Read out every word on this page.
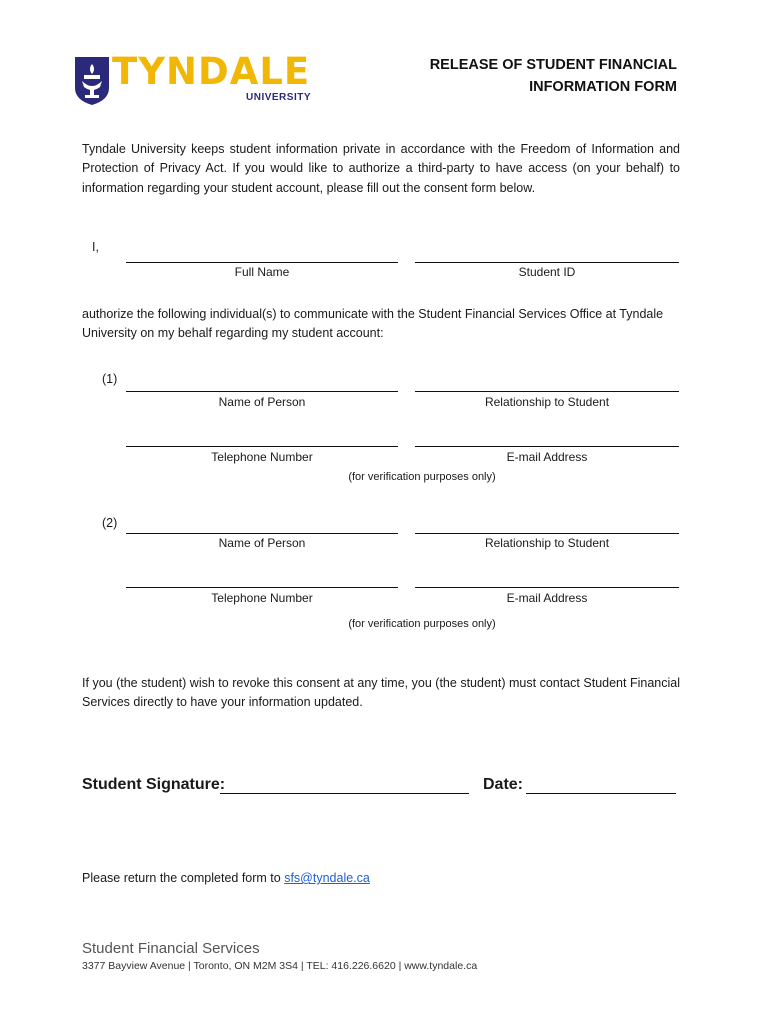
TYNDALE
UNIVERSITY
RELEASE OF STUDENT FINANCIAL
INFORMATION FORM
Tyndale University keeps student information private in accordance with the Freedom of Information and Protection of Privacy Act. If you would like to authorize a third-party to have access (on your behalf) to information regarding your student account, please fill out the consent form below.
I,
Full Name	Student ID
authorize the following individual(s) to communicate with the Student Financial Services Office at Tyndale University on my behalf regarding my student account:
(1)
Name of Person	Relationship to Student
Telephone Number	E-mail Address
(for verification purposes only)
(2)
Name of Person	Relationship to Student
Telephone Number	E-mail Address
(for verification purposes only)
If you (the student) wish to revoke this consent at any time, you (the student) must contact Student Financial Services directly to have your information updated.
Student Signature:	Date:
Please return the completed form to sfs@tyndale.ca
Student Financial Services
3377 Bayview Avenue | Toronto, ON M2M 3S4 | TEL: 416.226.6620 | www.tyndale.ca
